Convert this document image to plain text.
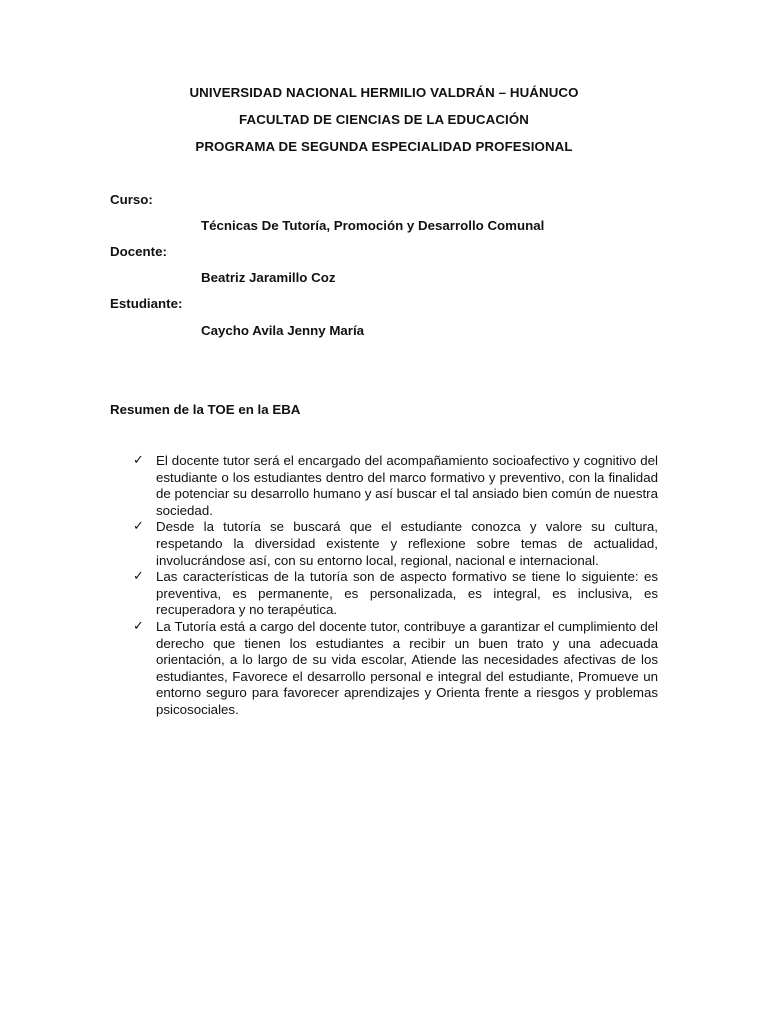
UNIVERSIDAD NACIONAL HERMILIO VALDRÁN – HUÁNUCO
FACULTAD DE CIENCIAS DE LA EDUCACIÓN
PROGRAMA DE SEGUNDA ESPECIALIDAD PROFESIONAL
Curso:
Técnicas De Tutoría, Promoción y Desarrollo Comunal
Docente:
Beatriz Jaramillo Coz
Estudiante:
Caycho Avila Jenny María
Resumen de la TOE en la EBA
✓ El docente tutor será el encargado del acompañamiento socioafectivo y cognitivo del estudiante o los estudiantes dentro del marco formativo y preventivo, con la finalidad de potenciar su desarrollo humano y así buscar el tal ansiado bien común de nuestra sociedad.
✓ Desde la tutoría se buscará que el estudiante conozca y valore su cultura, respetando la diversidad existente y reflexione sobre temas de actualidad, involucrándose así, con su entorno local, regional, nacional e internacional.
✓ Las características de la tutoría son de aspecto formativo se tiene lo siguiente: es preventiva, es permanente, es personalizada, es integral, es inclusiva, es recuperadora y no terapéutica.
✓ La Tutoría está a cargo del docente tutor, contribuye a garantizar el cumplimiento del derecho que tienen los estudiantes a recibir un buen trato y una adecuada orientación, a lo largo de su vida escolar, Atiende las necesidades afectivas de los estudiantes, Favorece el desarrollo personal e integral del estudiante, Promueve un entorno seguro para favorecer aprendizajes y Orienta frente a riesgos y problemas psicosociales.
